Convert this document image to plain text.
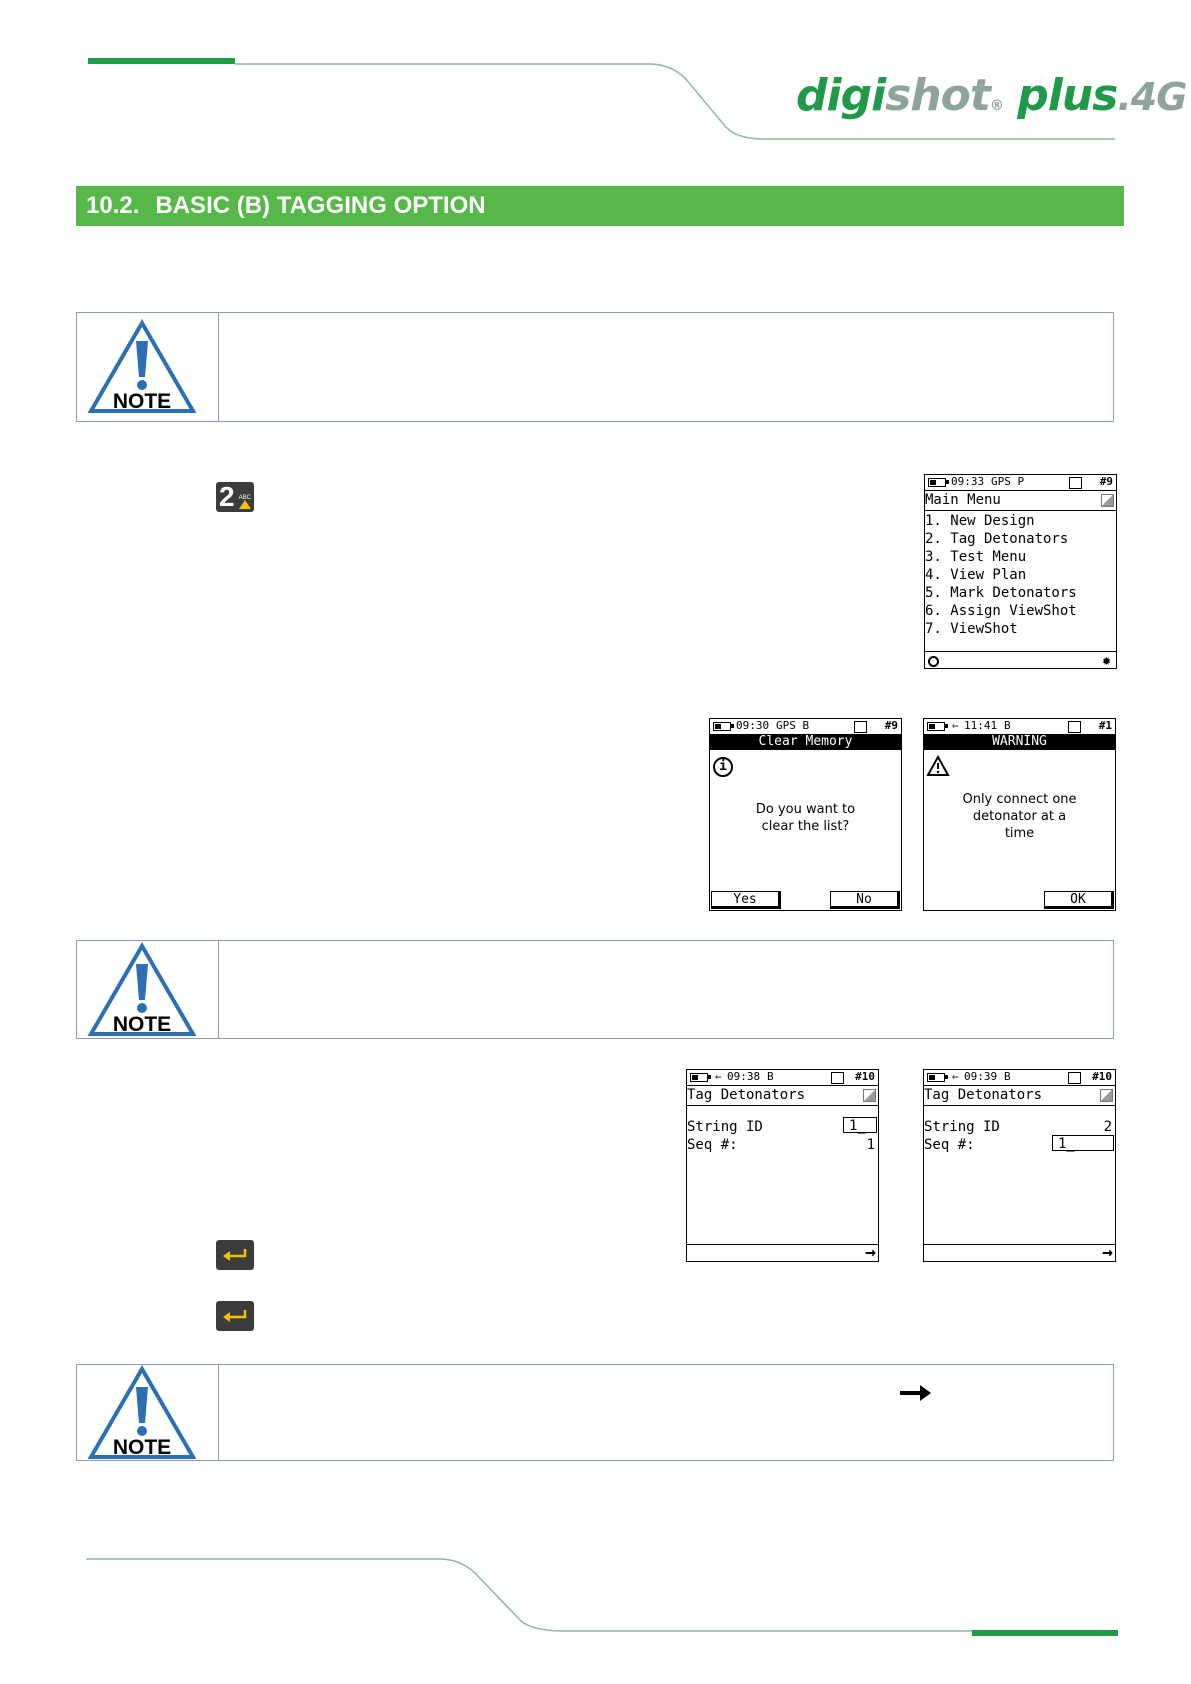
digishot® plus.4G
10.2. BASIC (B) TAGGING OPTION
NOTE
2 ABC
09:33 GPS P	#9
Main Menu
1. New Design
2. Tag Detonators
3. Test Menu
4. View Plan
5. Mark Detonators
6. Assign ViewShot
7. ViewShot
✹
09:30 GPS B	#9
Clear Memory
i
Do you want to
clear the list?
Yes	No
⇐ 11:41 B	#1
WARNING
Only connect one
detonator at a
time
OK
NOTE
⇐ 09:38 B	#10
Tag Detonators
String ID	1_
Seq #:	1
→
⇐ 09:39 B	#10
Tag Detonators
String ID	2
Seq #:	1_
→
NOTE
